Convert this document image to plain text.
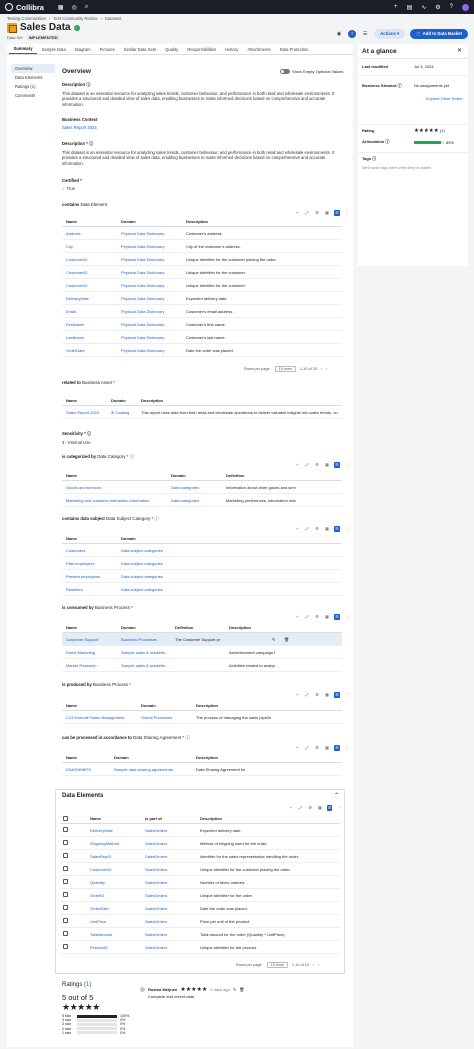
Collibra ▦ ◎ ⌕	+ ▤ ∿ ⚙ ?
Testing Communities › Test Community Rosina › Datasets
Sales Data	✓
Data Set	IMPLEMENTED
◉	i	☰	Actions ▾	🛒 Add to Data Basket
Summary	Sample Data	Diagram	Pictures	Similar Data Sets	Quality	Responsibilities	History	Attachments	Data Protection
Overview
Data Elements
Ratings (1)
Comments
Overview	Show Empty Optional Values
Description ⓘ
This dataset is an essential resource for analyzing sales trends, customer behaviour, and performance in both retail and wholesale environments. It provides a structured and detailed view of sales data, enabling businesses to make informed decisions based on comprehensive and accurate information.
Business Context
Sales Report 2024
Description * ⓘ
This dataset is an essential resource for analyzing sales trends, customer behaviour, and performance in both retail and wholesale environments. It provides a structured and detailed view of sales data, enabling businesses to make informed decisions based on comprehensive and accurate information.
Certified *
✓ True
contains Data Element
+	⤢	⚙	▦	☰	⋮
Name	Domain	Description
Address	Physical Data Dictionary	Customer's address.
City	Physical Data Dictionary	City of the customer's address.
CustomerID	Physical Data Dictionary	Unique identifier for the customer placing the order.
CustomerID	Physical Data Dictionary	Unique identifier for the customer.
CustomerID	Physical Data Dictionary	Unique identifier for the customer.
DeliveryDate	Physical Data Dictionary	Expected delivery date.
Email	Physical Data Dictionary	Customer's email address.
FirstName	Physical Data Dictionary	Customer's first name.
LastName	Physical Data Dictionary	Customer's last name.
OrderDate	Physical Data Dictionary	Date the order was placed.
Rows per page:	10 rows	1-10 of 33 ‹ ›
related to Business Asset *
Name	Domain	Description
Sales Report 2024	⊕ Catalog	This report uses data from both retail and wholesale operations to deliver valuable insights into sales trends, cu
Sensitivity * ⓘ
3 - Internal Use
is categorized by Data Category * ⓘ
+	⤢	⚙	▦	☰	⋮
Name	Domain	Definition
Goods and services	Data categories	Information about other goods and serv
Marketing and customer interaction information	Data categories	Marketing preferences, information rela
contains data subject Data Subject Category * ⓘ
+	⤢	⚙	▦	☰	⋮
Name	Domain
Customers	Data subject categories
Past employees	Data subject categories
Present employees	Data subject categories
Resellers	Data subject categories
is consumed by Business Process *
+	⤢	⚙	▦	☰	⋮
Name	Domain	Definition	Description
Customer Support	Business Processes	The Customer Support pr	✎	🗑
Direct Marketing	Sample sales & marketin...	Advertisement campaign t
Market Research	Sample sales & marketin...	Activities related to analys
is produced by Business Process *
+	⤢	⚙	▦	☰	⋮
Name	Domain	Description
C13 Execute Sales Management	Global Processes	The process of managing the sales pipelin
can be processed in accordance to Data Sharing Agreement * ⓘ
+	⤢	⚙	▦	☰	⋮
Name	Domain	Description
DSAGNMB79	Sample data sharing agreements	Data Sharing Agreement for
Data Elements	⌃
+	⤢	⚙ ▦ ☰ ⋮
Name	is part of	Description
DeliveryDate	SalesOrders	Expected delivery date.
ShippingMethod	SalesOrders	Method of shipping used for the order.
SalesRepID	SalesOrders	Identifier for the sales representative handling the order.
CustomerID	SalesOrders	Unique identifier for the customer placing the order.
Quantity	SalesOrders	Number of items ordered.
OrderID	SalesOrders	Unique identifier for the order.
OrderDate	SalesOrders	Date the order was placed.
UnitPrice	SalesOrders	Price per unit of the product.
TotalAmount	SalesOrders	Total amount for the order (Quantity * UnitPrice).
ProductID	SalesOrders	Unique identifier for the product.
Rows per page:	10 rows	1-10 of 10 ‹ ›
Ratings (1)
5 out of 5
★★★★★
5 star	100%
4 star	0%
3 star	0%
2 star	0%
1 star	0%
Rosina Meijnen ★★★★★ 2 days ago ✎ 🗑
Complete and recent data
At a glance	✕
Last modified	Jul 3, 2024
Business Steward ⓘ	No assignments yet
Explore Other Roles
Rating	★★★★★ (1)
Articulation ⓘ	89%
Tags ⓘ
We'll show tags here when they're added
